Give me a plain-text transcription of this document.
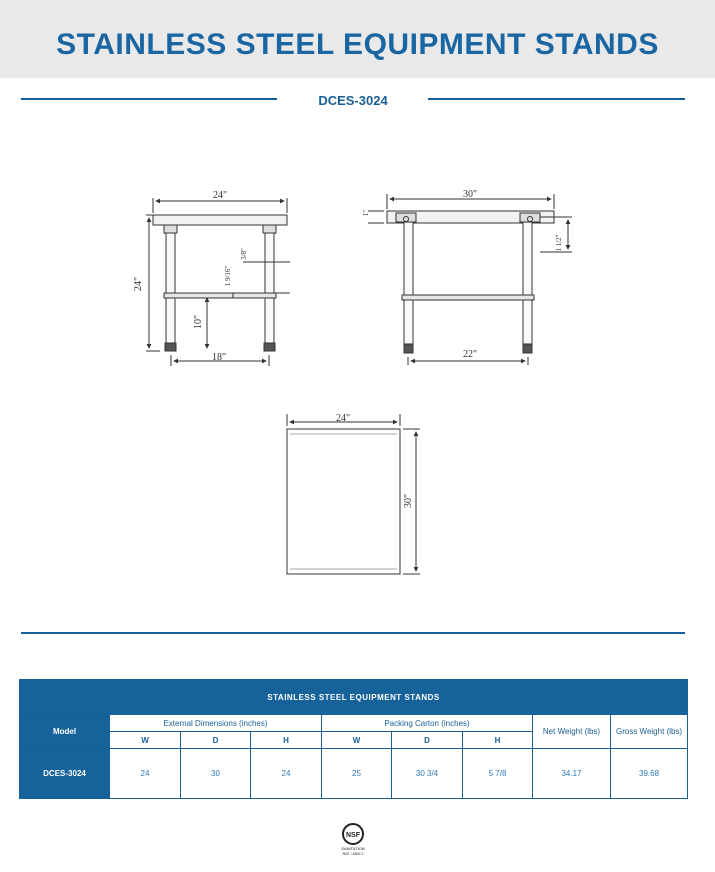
STAINLESS STEEL EQUIPMENT STANDS
DCES-3024
24"
24"
3/8"
1 9/16"
10"
18"
30"
1"
1 1/2"
22"
24"
30"
STAINLESS STEEL EQUIPMENT STANDS								
Model	External Dimensions (inches)			Packing Carton (inches)			Net Weight (lbs)	Gross Weight (lbs)
	W	D	H	W	D	H		
DCES-3024	24	30	24	25	30 3/4	5 7/8	34.17	39.68
NSF
SANITATION
NSF / ANSI 2
